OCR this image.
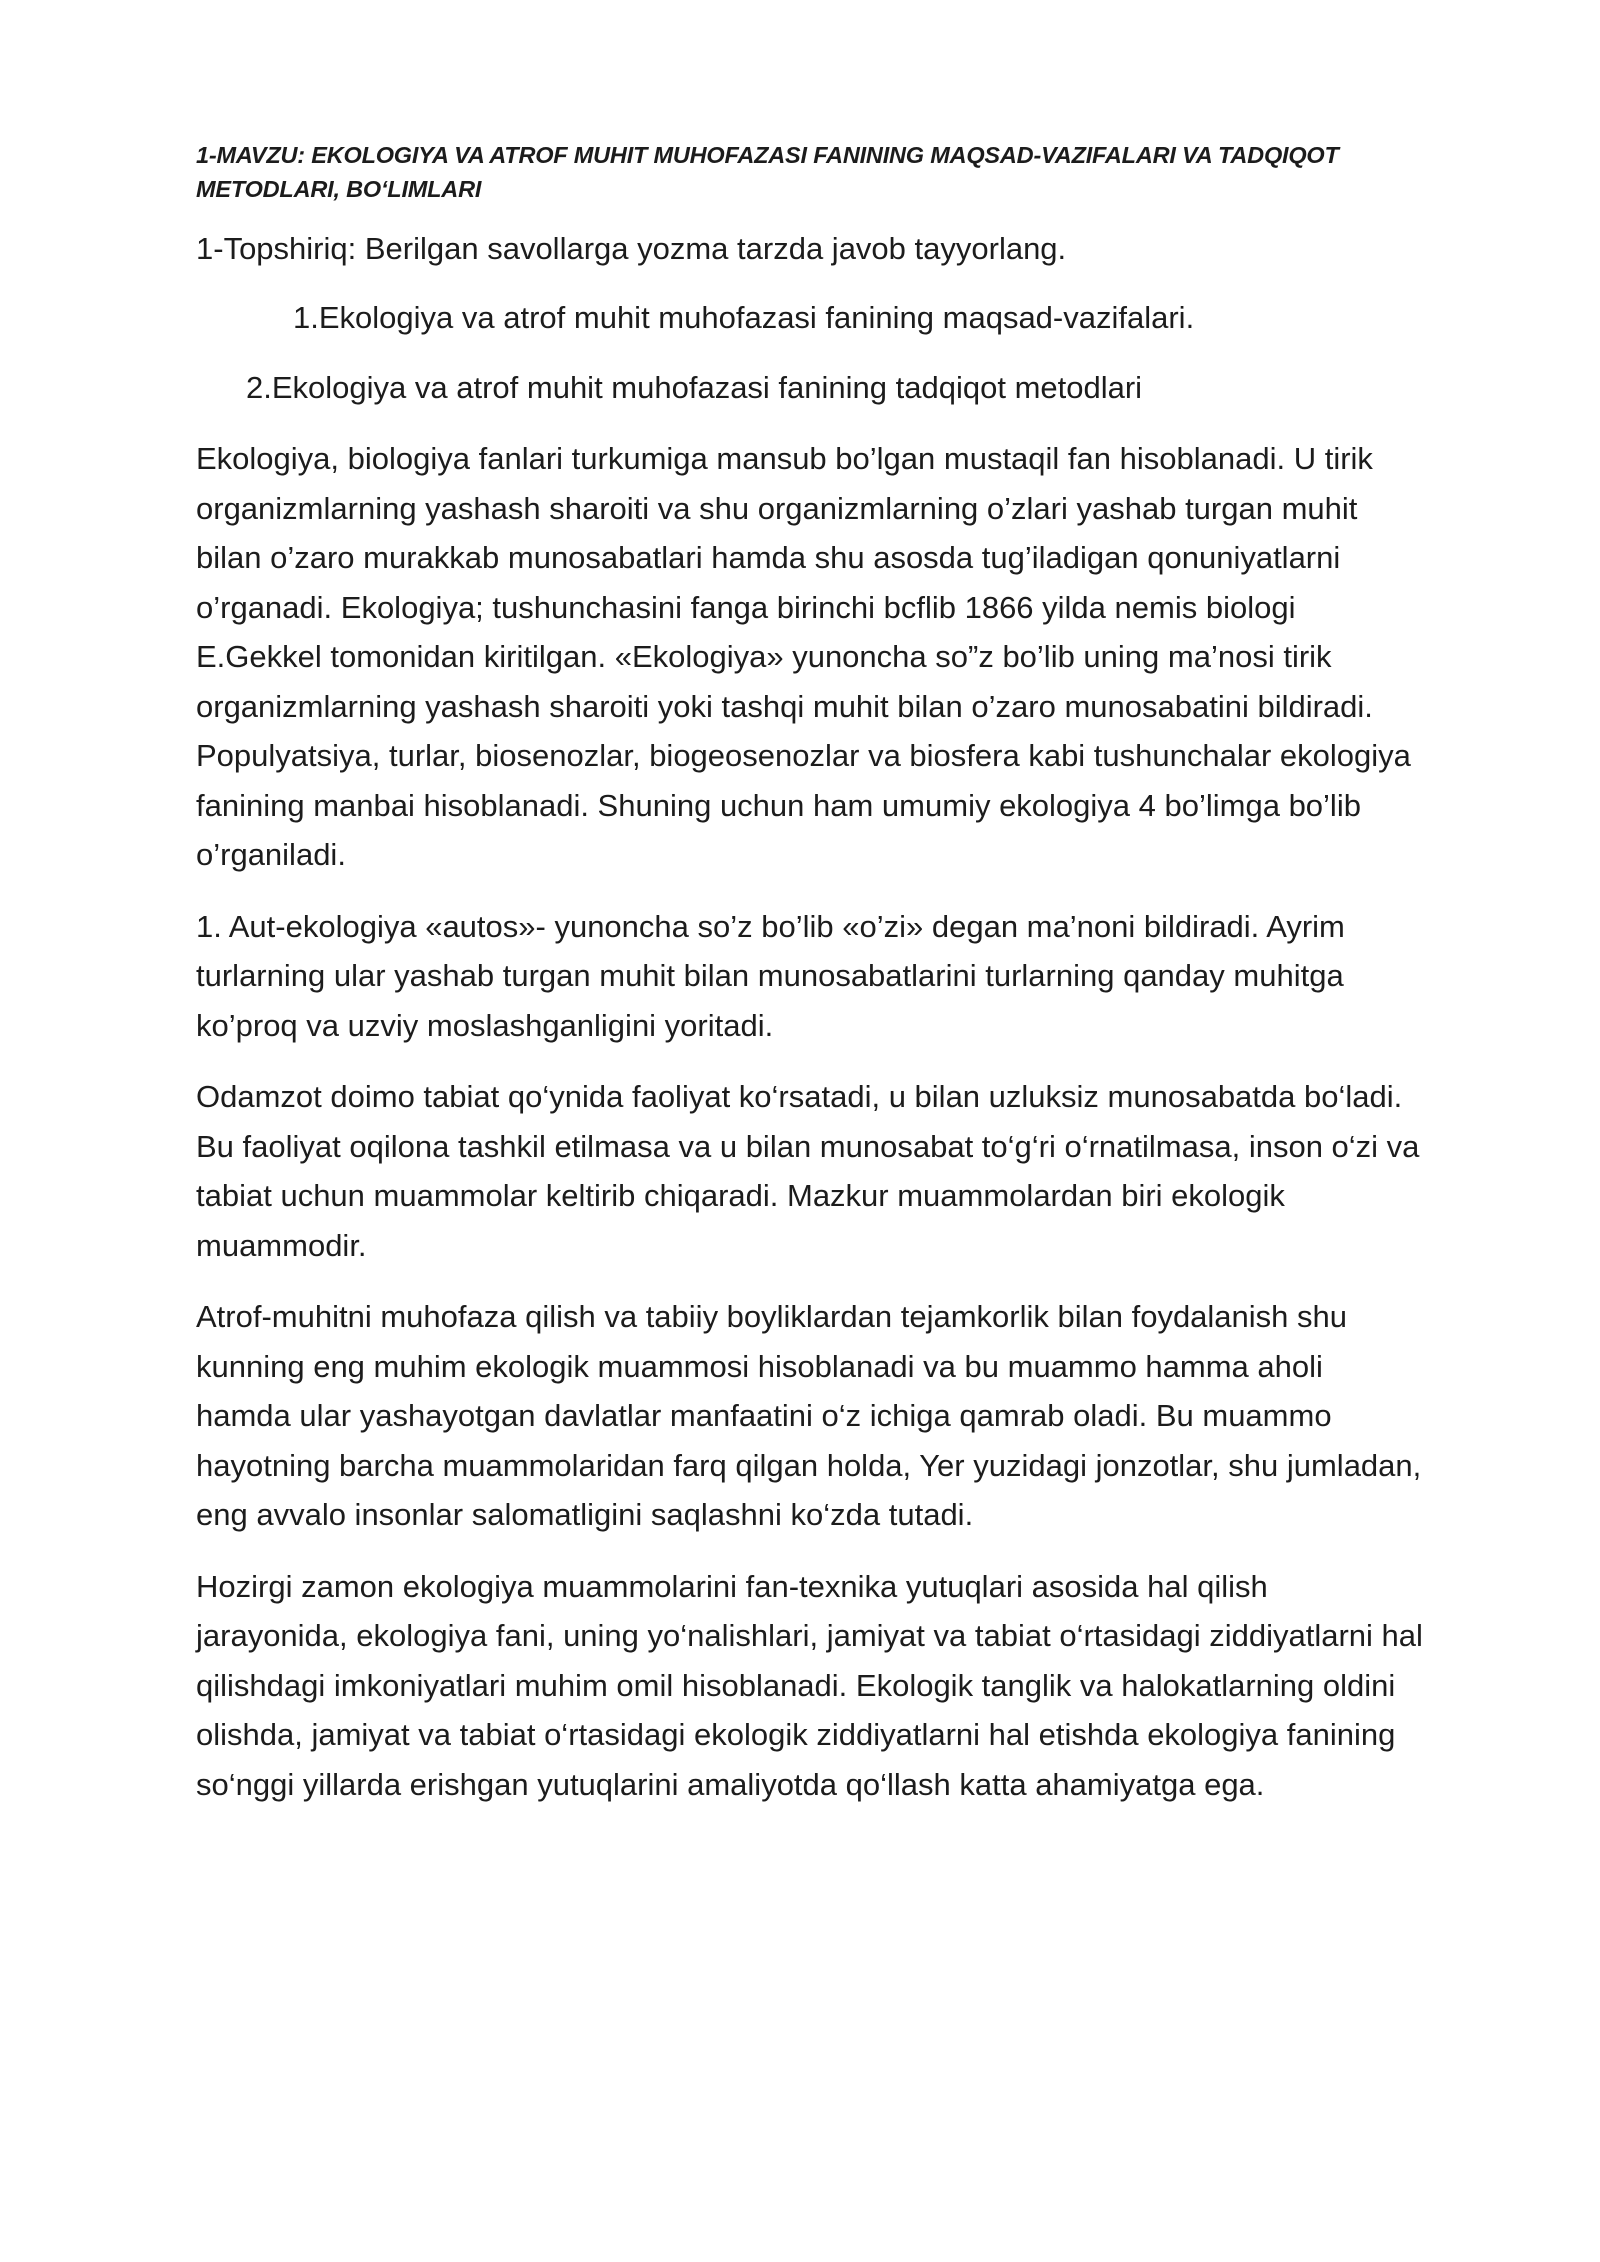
1-MAVZU: EKOLOGIYA VA ATROF MUHIT MUHOFAZASI FANINING MAQSAD-VAZIFALARI VA TADQIQOT METODLARI, BO‘LIMLARI

1-Topshiriq: Berilgan savollarga yozma tarzda javob tayyorlang.

1.Ekologiya va atrof muhit muhofazasi fanining maqsad-vazifalari.

2.Ekologiya va atrof muhit muhofazasi fanining tadqiqot metodlari

Ekologiya, biologiya fanlari turkumiga mansub bo’lgan mustaqil fan hisoblanadi. U tirik organizmlarning yashash sharoiti va shu organizmlarning o’zlari yashab turgan muhit bilan o’zaro murakkab munosabatlari hamda shu asosda tug’iladigan qonuniyatlarni o’rganadi. Ekologiya; tushunchasini fanga birinchi bcflib 1866 yilda nemis biologi E.Gekkel tomonidan kiritilgan. «Ekologiya» yunoncha so”z bo’lib uning ma’nosi tirik organizmlarning yashash sharoiti yoki tashqi muhit bilan o’zaro munosabatini bildiradi. Populyatsiya, turlar, biosenozlar, biogeosenozlar va biosfera kabi tushunchalar ekologiya fanining manbai hisoblanadi. Shuning uchun ham umumiy ekologiya 4 bo’limga bo’lib o’rganiladi.

1. Aut-ekologiya «autos»- yunoncha so’z bo’lib «o’zi» degan ma’noni bildiradi. Ayrim turlarning ular yashab turgan muhit bilan munosabatlarini turlarning qanday muhitga ko’proq va uzviy moslashganligini yoritadi.

Odamzot doimo tabiat qo‘ynida faoliyat ko‘rsatadi, u bilan uzluksiz munosabatda bo‘ladi. Bu faoliyat oqilona tashkil etilmasa va u bilan munosabat to‘g‘ri o‘rnatilmasa, inson o‘zi va tabiat uchun muammolar keltirib chiqaradi. Mazkur muammolardan biri ekologik muammodir.

Atrof-muhitni muhofaza qilish va tabiiy boyliklardan tejamkorlik bilan foydalanish shu kunning eng muhim ekologik muammosi hisoblanadi va bu muammo hamma aholi hamda ular yashayotgan davlatlar manfaatini o‘z ichiga qamrab oladi. Bu muammo hayotning barcha muammolaridan farq qilgan holda, Yer yuzidagi jonzotlar, shu jumladan, eng avvalo insonlar salomatligini saqlashni ko‘zda tutadi.

Hozirgi zamon ekologiya muammolarini fan-texnika yutuqlari asosida hal qilish jarayonida, ekologiya fani, uning yo‘nalishlari, jamiyat va tabiat o‘rtasidagi ziddiyatlarni hal qilishdagi imkoniyatlari muhim omil hisoblanadi. Ekologik tanglik va halokatlarning oldini olishda, jamiyat va tabiat o‘rtasidagi ekologik ziddiyatlarni hal etishda ekologiya fanining so‘nggi yillarda erishgan yutuqlarini amaliyotda qo‘llash katta ahamiyatga ega.
